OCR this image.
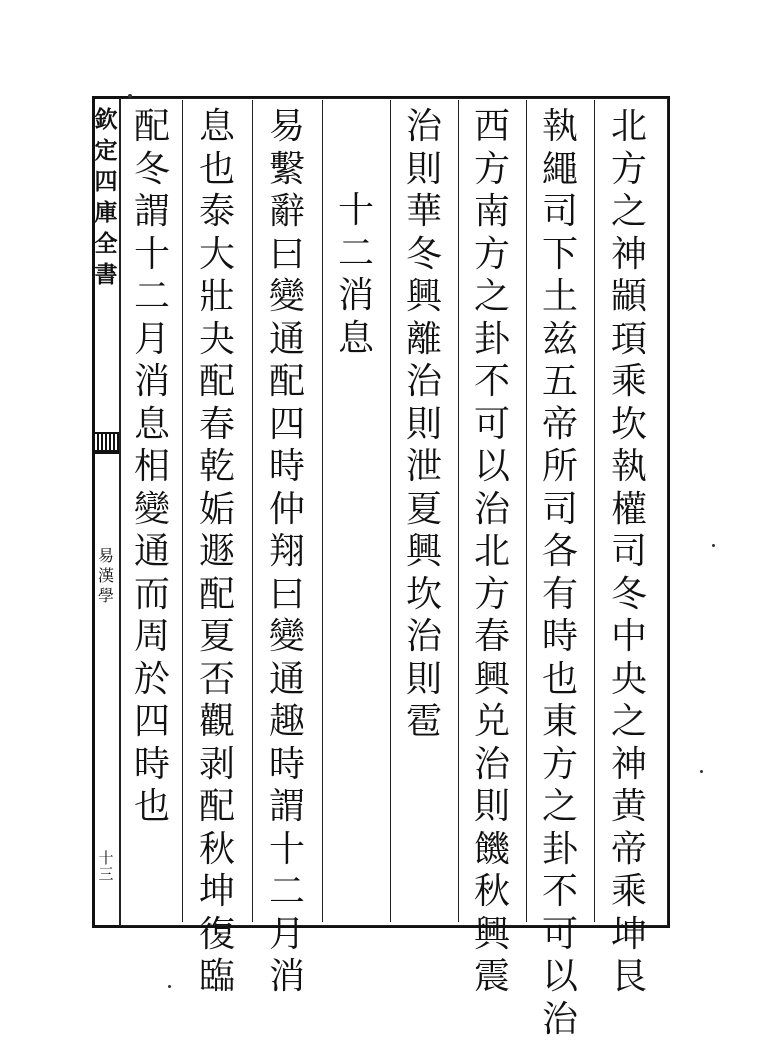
欽
定
四
庫
全
書
易
漢
學
十
三
北
方
之
神
顓
頊
乘
坎
執
權
司
冬
中
央
之
神
黄
帝
乘
坤
艮
執
繩
司
下
土
兹
五
帝
所
司
各
有
時
也
東
方
之
卦
不
可
以
治
西
方
南
方
之
卦
不
可
以
治
北
方
春
興
兑
治
則
饑
秋
興
震
治
則
華
冬
興
離
治
則
泄
夏
興
坎
治
則
雹
十
二
消
息
易
繫
辭
曰
變
通
配
四
時
仲
翔
曰
變
通
趣
時
謂
十
二
月
消
息
也
泰
大
壯
夬
配
春
乾
姤
遯
配
夏
否
觀
剥
配
秋
坤
復
臨
配
冬
謂
十
二
月
消
息
相
變
通
而
周
於
四
時
也
